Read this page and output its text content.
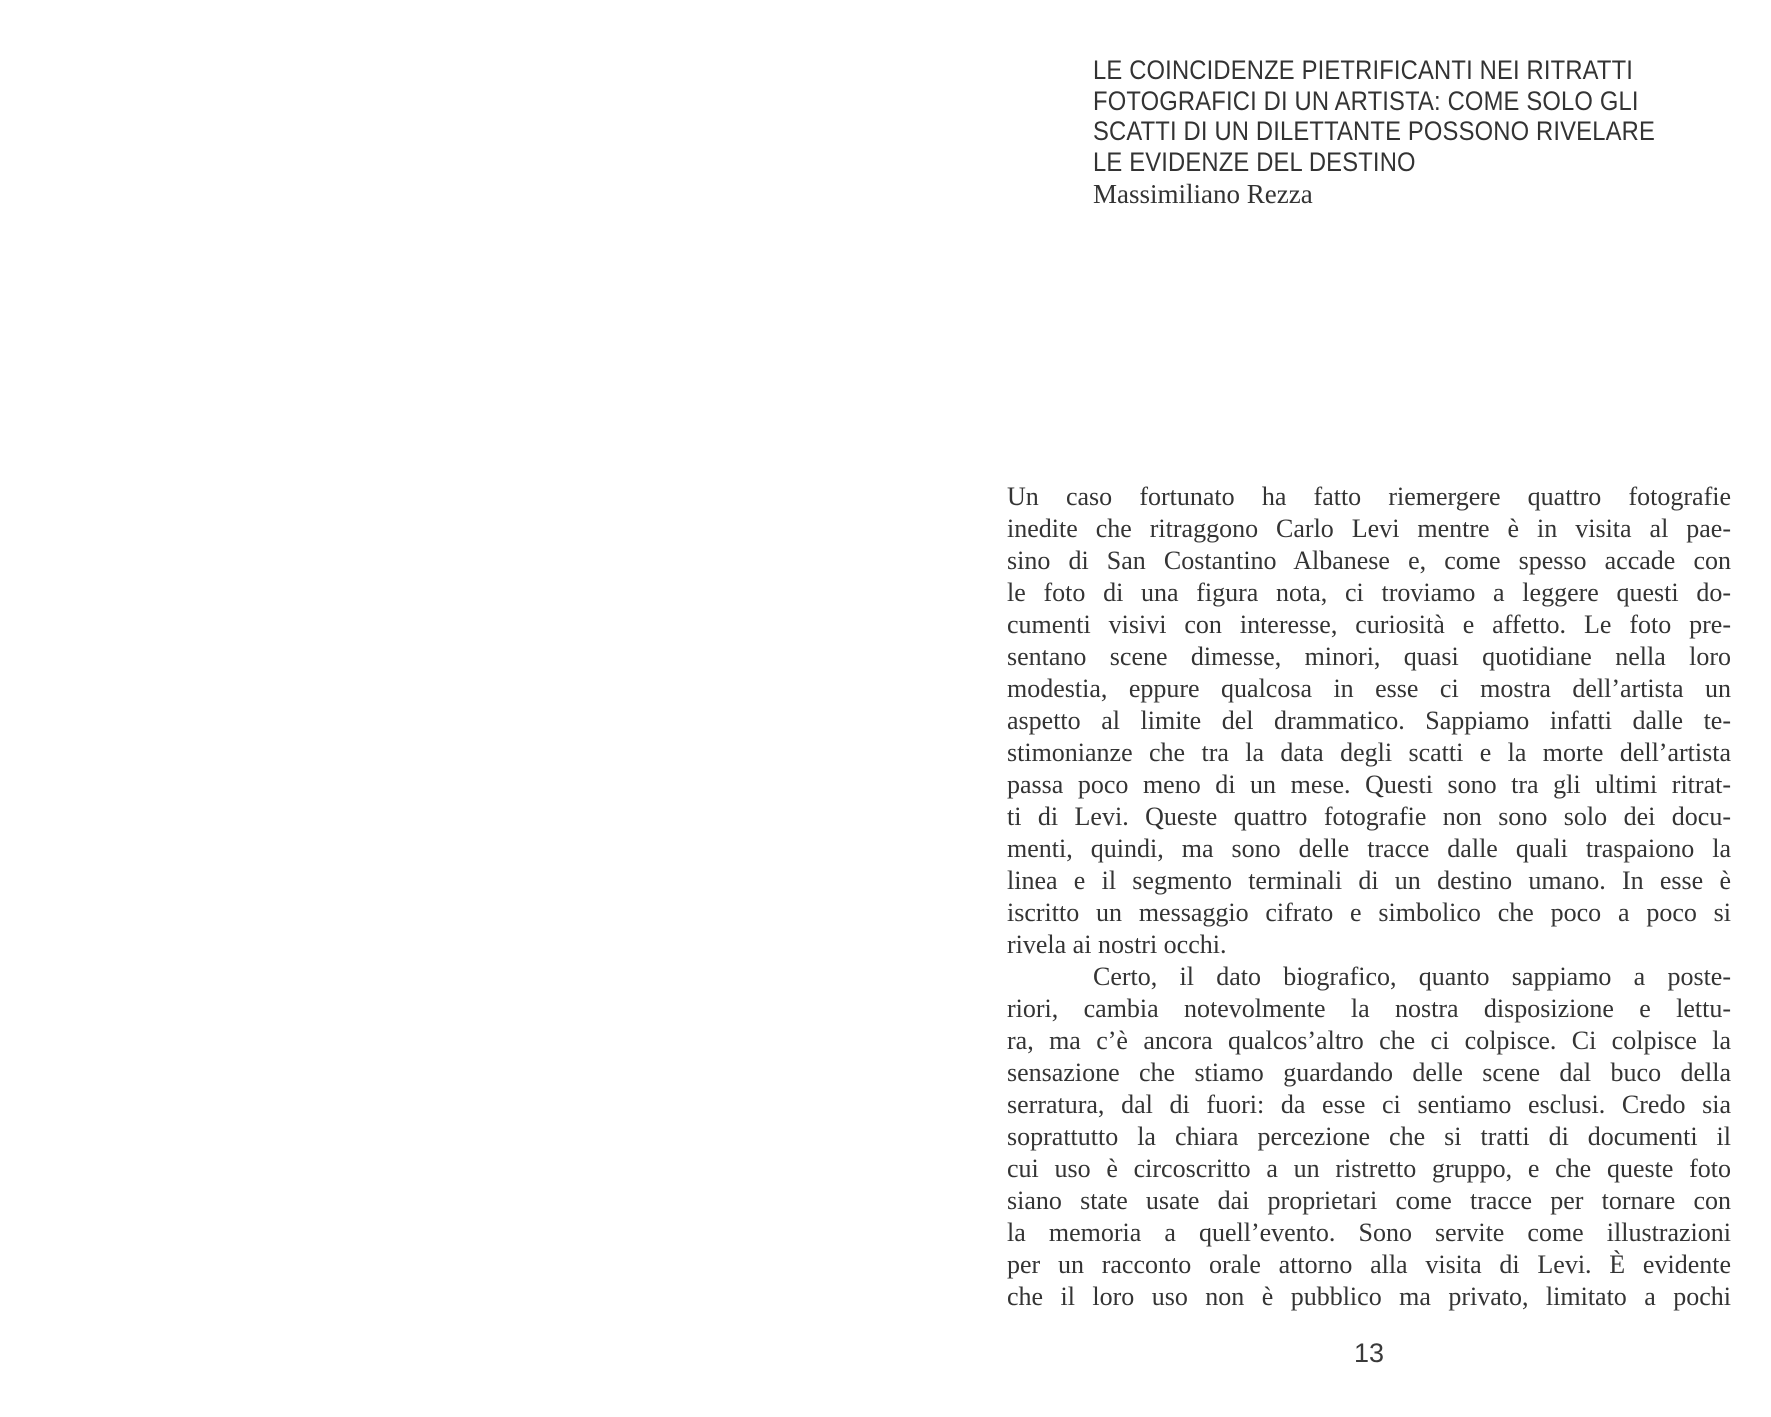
LE COINCIDENZE PIETRIFICANTI NEI RITRATTI
FOTOGRAFICI DI UN ARTISTA: COME SOLO GLI
SCATTI DI UN DILETTANTE POSSONO RIVELARE
LE EVIDENZE DEL DESTINO
Massimiliano Rezza
Un caso fortunato ha fatto riemergere quattro fotografie
inedite che ritraggono Carlo Levi mentre è in visita al pae-
sino di San Costantino Albanese e, come spesso accade con
le foto di una figura nota, ci troviamo a leggere questi do-
cumenti visivi con interesse, curiosità e affetto. Le foto pre-
sentano scene dimesse, minori, quasi quotidiane nella loro
modestia, eppure qualcosa in esse ci mostra dell’artista un
aspetto al limite del drammatico. Sappiamo infatti dalle te-
stimonianze che tra la data degli scatti e la morte dell’artista
passa poco meno di un mese. Questi sono tra gli ultimi ritrat-
ti di Levi. Queste quattro fotografie non sono solo dei docu-
menti, quindi, ma sono delle tracce dalle quali traspaiono la
linea e il segmento terminali di un destino umano. In esse è
iscritto un messaggio cifrato e simbolico che poco a poco si
rivela ai nostri occhi.
Certo, il dato biografico, quanto sappiamo a poste-
riori, cambia notevolmente la nostra disposizione e lettu-
ra, ma c’è ancora qualcos’altro che ci colpisce. Ci colpisce la
sensazione che stiamo guardando delle scene dal buco della
serratura, dal di fuori: da esse ci sentiamo esclusi. Credo sia
soprattutto la chiara percezione che si tratti di documenti il
cui uso è circoscritto a un ristretto gruppo, e che queste foto
siano state usate dai proprietari come tracce per tornare con
la memoria a quell’evento. Sono servite come illustrazioni
per un racconto orale attorno alla visita di Levi. È evidente
che il loro uso non è pubblico ma privato, limitato a pochi
13
